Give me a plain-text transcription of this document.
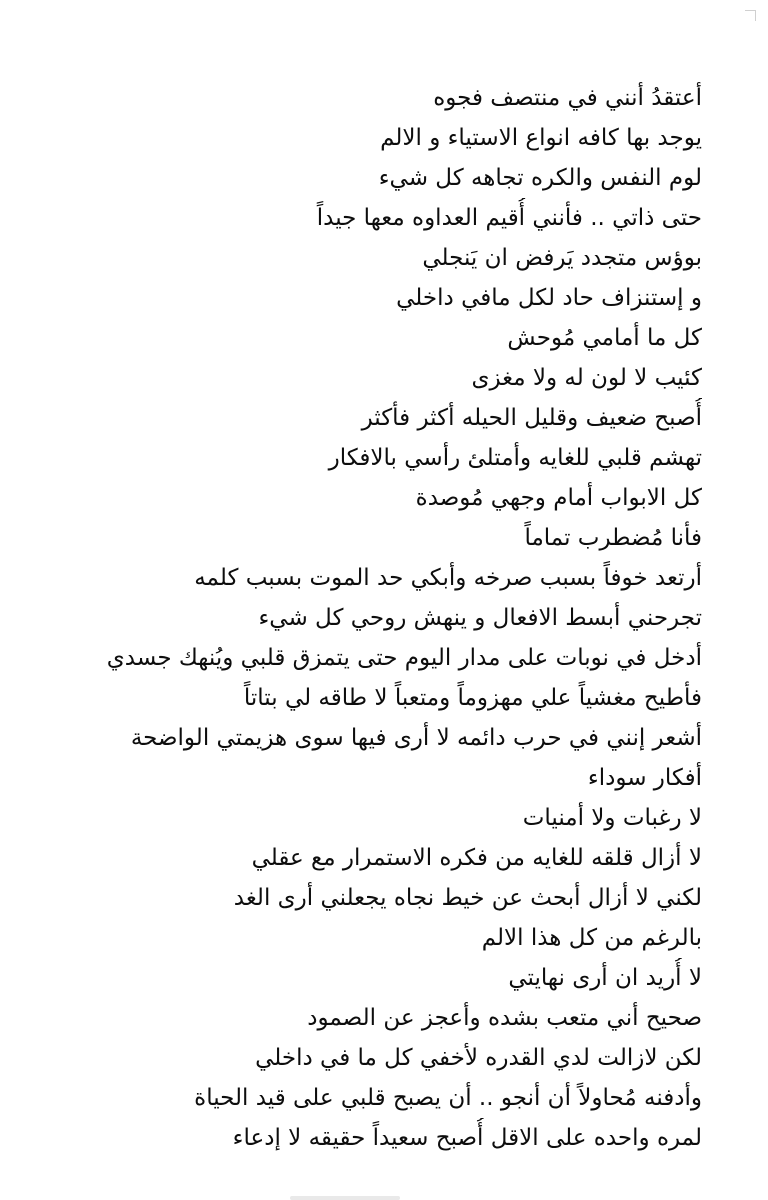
أعتقدُ أنني في منتصف فجوه
يوجد بها كافه انواع الاستياء و الالم
لوم النفس والكره تجاهه كل شيء
حتى ذاتي .. فأنني أُقيم العداوه معها جيداً
بوؤس متجدد يَرفض ان يَنجلي
و إستنزاف حاد لكل مافي داخلي
كل ما أمامي مُوحش
كئيب لا لون له ولا مغزى
أُصبح ضعيف وقليل الحيله أكثر فأكثر
تهشم قلبي للغايه وأمتلئ رأسي بالافكار
كل الابواب أمام وجهي مُوصدة
فأنا مُضطرب تماماً
أرتعد خوفاً بسبب صرخه وأبكي حد الموت بسبب كلمه
تجرحني أبسط الافعال و ينهش روحي كل شيء
أدخل في نوبات على مدار اليوم حتى يتمزق قلبي ويُنهك جسدي
فأطيح مغشياً علي مهزوماً ومتعباً لا طاقه لي بتاتاً
أشعر إنني في حرب دائمه لا أرى فيها سوى هزيمتي الواضحة
أفكار سوداء
لا رغبات ولا أمنيات
لا أزال قلقه للغايه من فكره الاستمرار مع عقلي
لكني لا أزال أبحث عن خيط نجاه يجعلني أرى الغد
بالرغم من كل هذا الالم
لا أُريد ان أرى نهايتي
صحيح أني متعب بشده وأعجز عن الصمود
لكن لازالت لدي القدره لأخفي كل ما في داخلي
وأدفنه مُحاولاً أن أنجو .. أن يصبح قلبي على قيد الحياة
لمره واحده على الاقل أُصبح سعيداً حقيقه لا إدعاء
